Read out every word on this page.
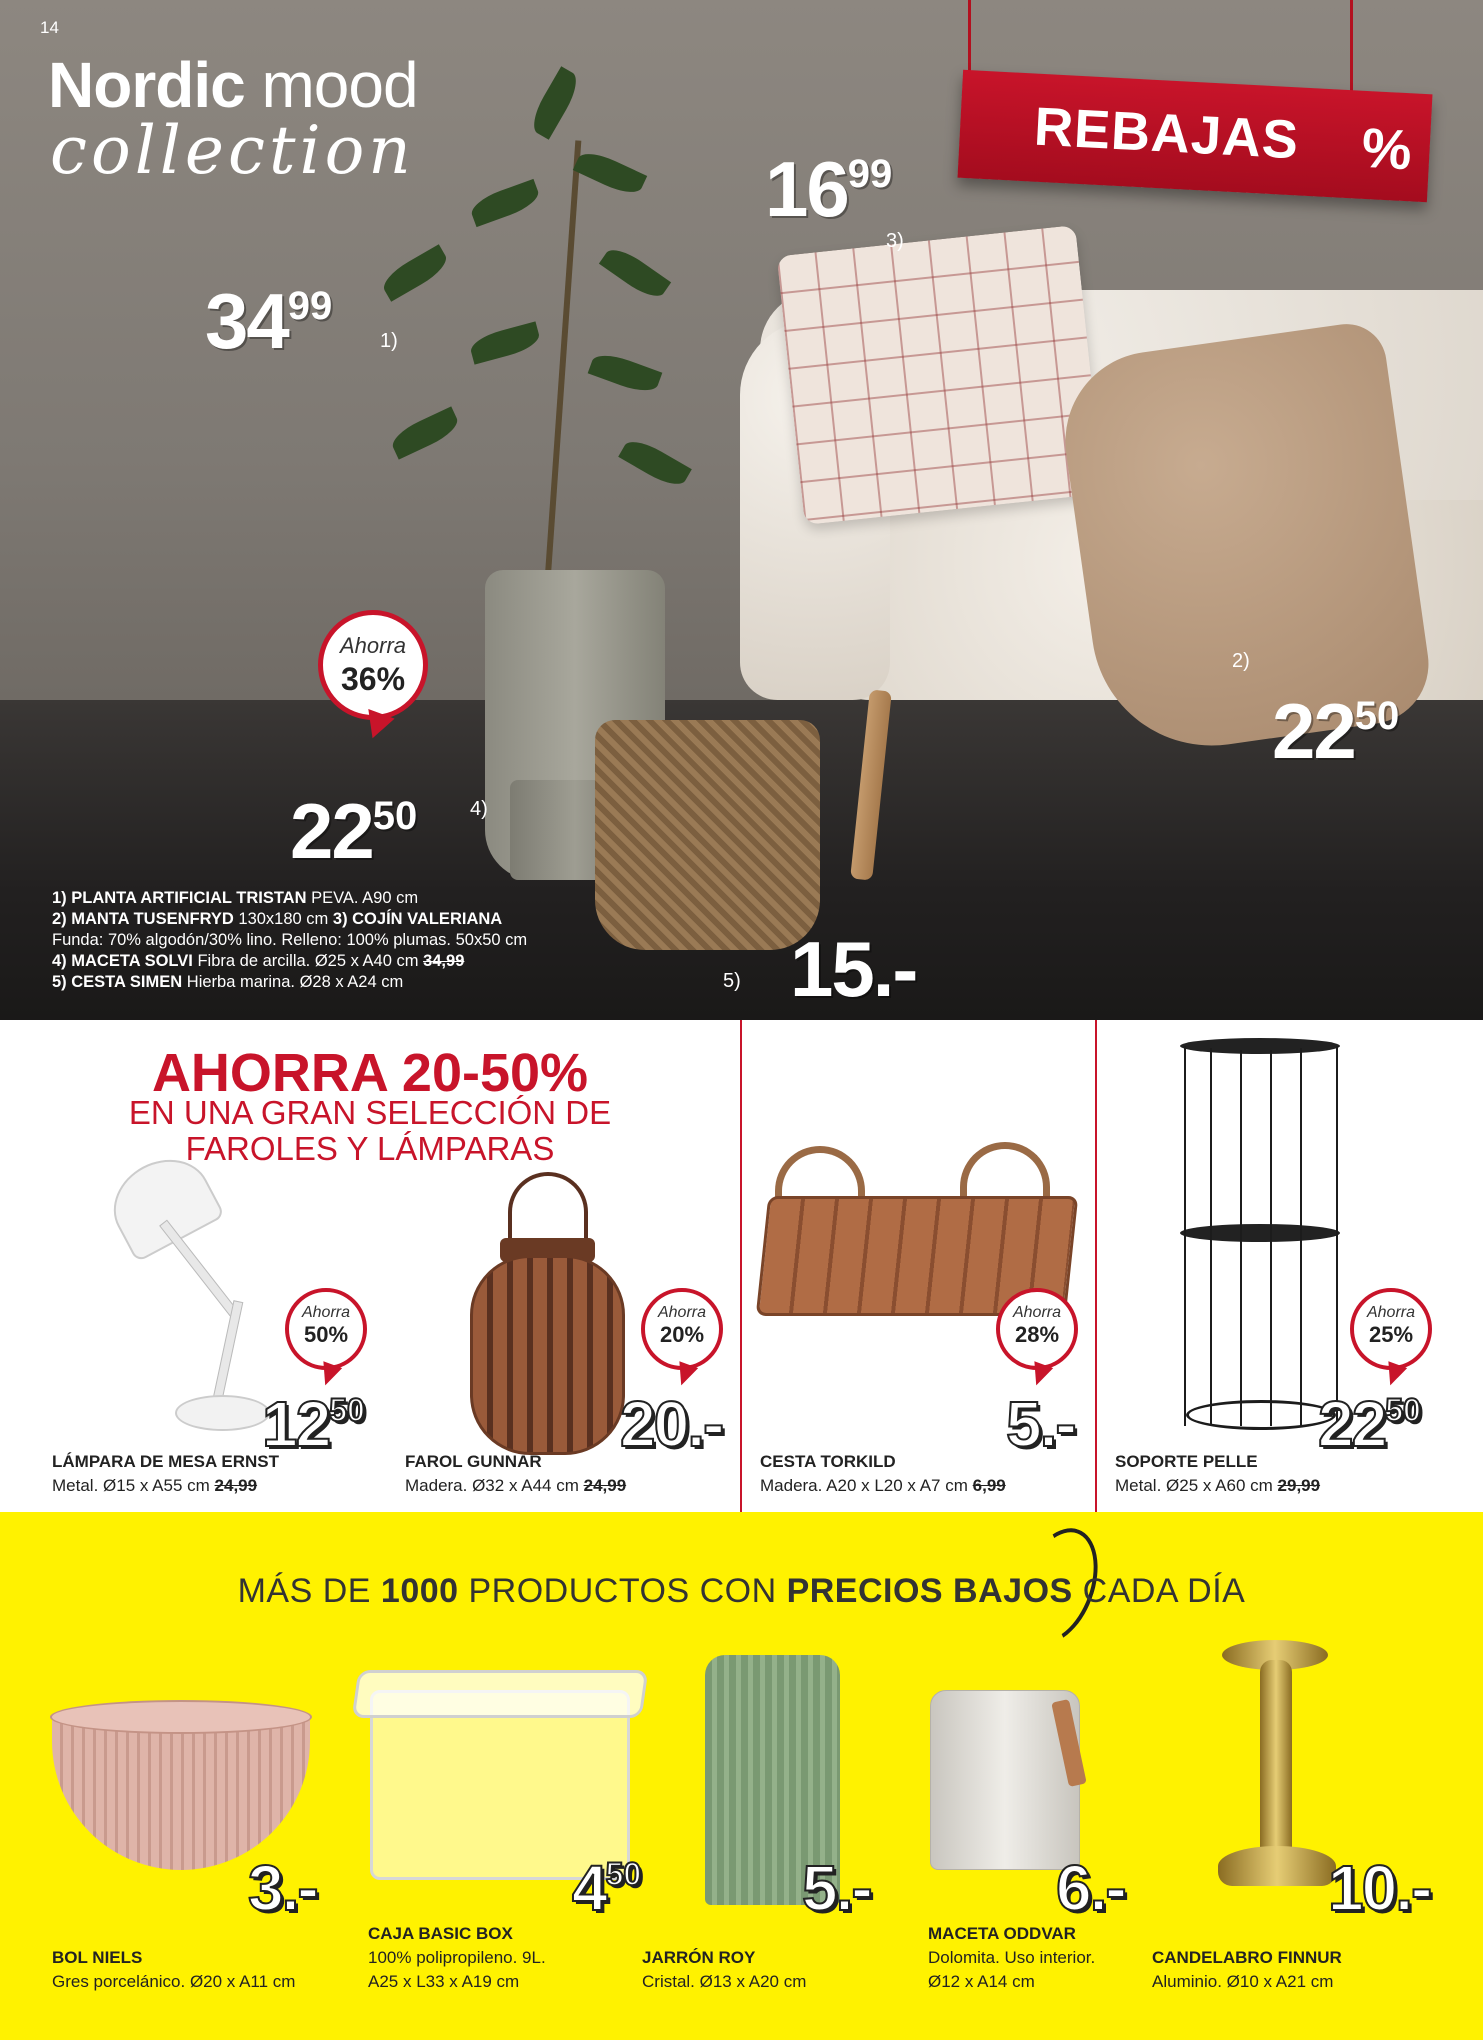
14
Nordic mood
collection	REBAJAS %
$34^{99}$
1)
$16^{99}$
3)
2)
$22^{50}$
Ahorra
36%
$22^{50}$	4)
5) 15.-
1) PLANTA ARTIFICIAL TRISTAN PEVA. A90 cm
2) MANTA TUSENFRYD 130x180 cm 3) COJÍN VALERIANA
Funda: 70% algodón/30% lino. Relleno: 100% plumas. 50x50 cm
4) MACETA SOLVI Fibra de arcilla. Ø25 x A40 cm 34,99
5) CESTA SIMEN Hierba marina. Ø28 x A24 cm
AHORRA 20-50%
EN UNA GRAN SELECCIÓN DE
FAROLES Y LÁMPARAS
Ahorra
50%
$12^{50}$
LÁMPARA DE MESA ERNST
Metal. Ø15 x A55 cm 24,99
Ahorra
20%
20.-
FAROL GUNNAR
Madera. Ø32 x A44 cm 24,99
Ahorra
28%
5.-
CESTA TORKILD
Madera. A20 x L20 x A7 cm 6,99
Ahorra
25%
$22^{50}$
SOPORTE PELLE
Metal. Ø25 x A60 cm 29,99
MÁS DE 1000 PRODUCTOS CON PRECIOS BAJOS CADA DÍA
3.-
BOL NIELS
Gres porcelánico. Ø20 x A11 cm
$4^{50}$
CAJA BASIC BOX
100% polipropileno. 9L.
A25 x L33 x A19 cm
5.-
JARRÓN ROY
Cristal. Ø13 x A20 cm
6.-
MACETA ODDVAR
Dolomita. Uso interior.
Ø12 x A14 cm
10.-
CANDELABRO FINNUR
Aluminio. Ø10 x A21 cm
